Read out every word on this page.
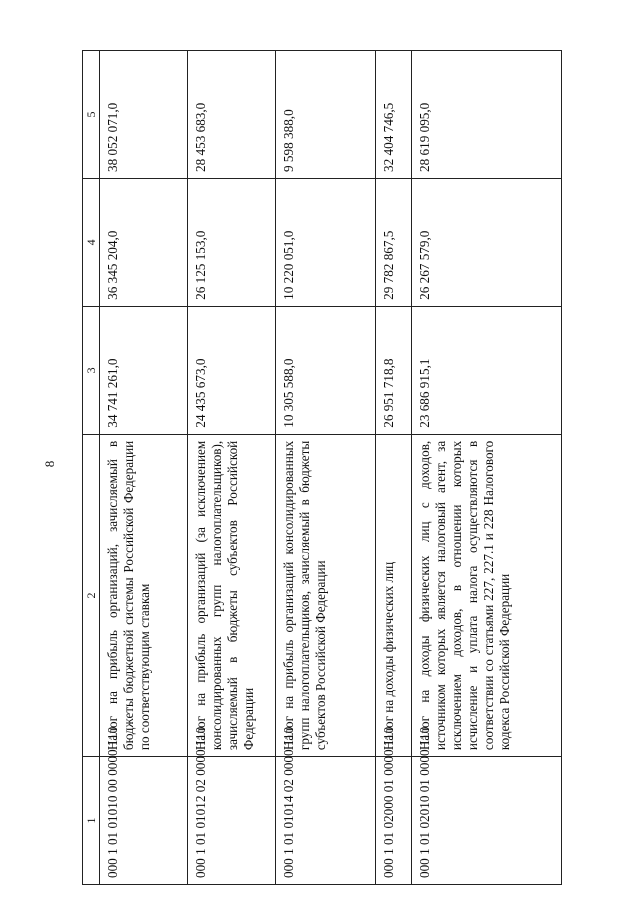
8
1	2	3	4	5
000 1 01 01010 00 0000 110	Налог на прибыль организаций, зачисляемый в бюджеты бюджетной системы Российской Федерации по соответствующим ставкам	34 741 261,0	36 345 204,0	38 052 071,0
000 1 01 01012 02 0000 110	Налог на прибыль организаций (за исключением консолидированных групп налогоплательщиков), зачисляемый в бюджеты субъектов Российской Федерации	24 435 673,0	26 125 153,0	28 453 683,0
000 1 01 01014 02 0000 110	Налог на прибыль организаций консолидированных групп налогоплательщиков, зачисляемый в бюджеты субъектов Российской Федерации	10 305 588,0	10 220 051,0	9 598 388,0
000 1 01 02000 01 0000 110	Налог на доходы физических лиц	26 951 718,8	29 782 867,5	32 404 746,5
000 1 01 02010 01 0000 110	Налог на доходы физических лиц с доходов, источником которых является налоговый агент, за исключением доходов, в отношении которых исчисление и уплата налога осуществляются в соответствии со статьями 227, 227.1 и 228 Налогового кодекса Российской Федерации	23 686 915,1	26 267 579,0	28 619 095,0
